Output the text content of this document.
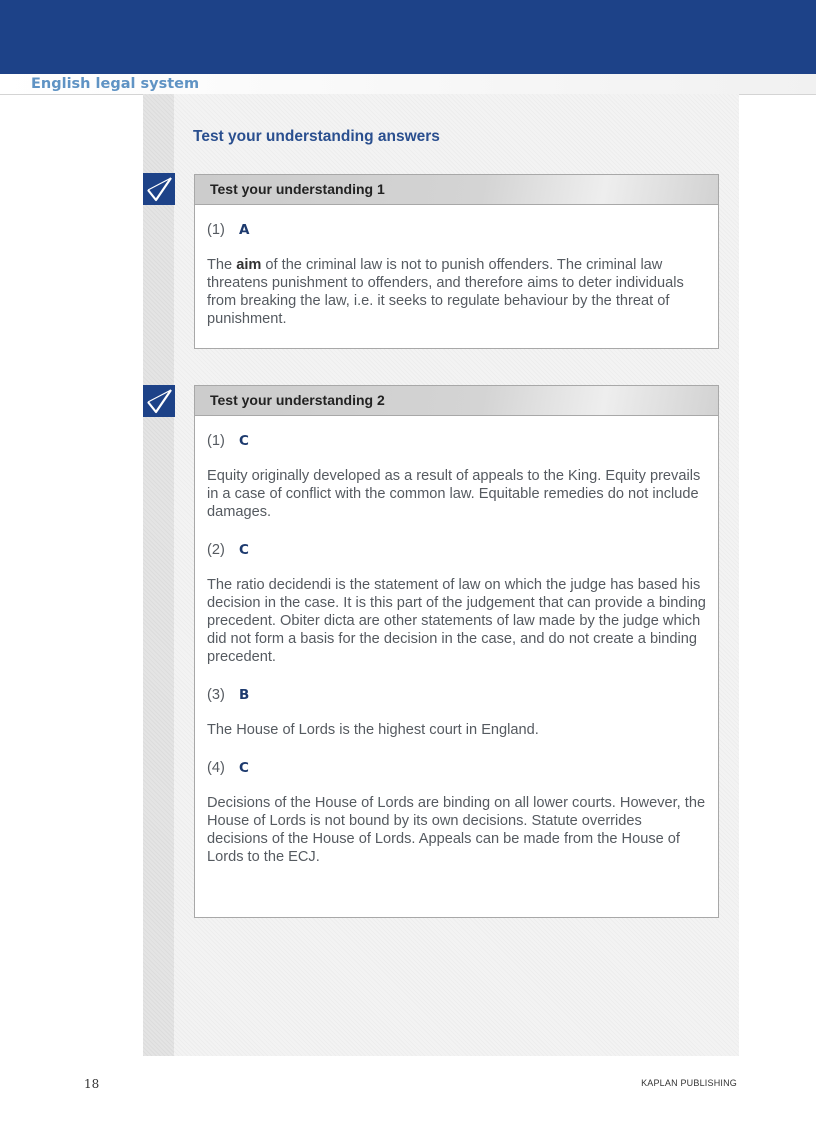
English legal system
Test your understanding answers
Test your understanding 1

(1) A

The aim of the criminal law is not to punish offenders. The criminal law threatens punishment to offenders, and therefore aims to deter individuals from breaking the law, i.e. it seeks to regulate behaviour by the threat of punishment.

Test your understanding 2

(1) C

Equity originally developed as a result of appeals to the King. Equity prevails in a case of conflict with the common law. Equitable remedies do not include damages.

(2) C

The ratio decidendi is the statement of law on which the judge has based his decision in the case. It is this part of the judgement that can provide a binding precedent. Obiter dicta are other statements of law made by the judge which did not form a basis for the decision in the case, and do not create a binding precedent.

(3) B

The House of Lords is the highest court in England.

(4) C

Decisions of the House of Lords are binding on all lower courts. However, the House of Lords is not bound by its own decisions. Statute overrides decisions of the House of Lords. Appeals can be made from the House of Lords to the ECJ.

18	KAPLAN PUBLISHING
